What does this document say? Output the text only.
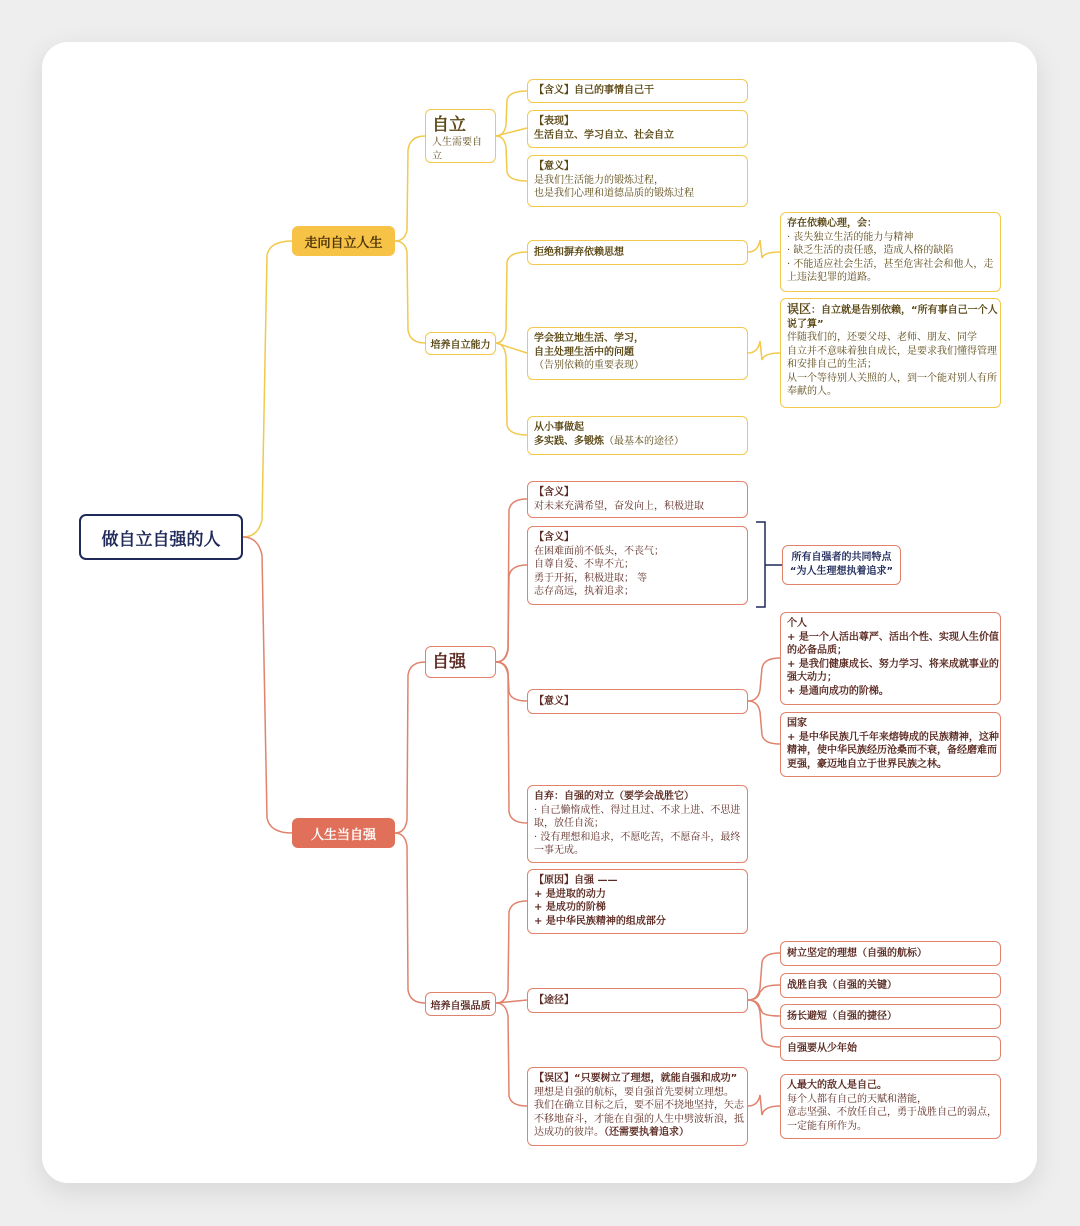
做自立自强的人
走向自立人生
自立
人生需要自立
【含义】自己的事情自己干
【表现】
生活自立、学习自立、社会自立
【意义】
是我们生活能力的锻炼过程，
也是我们心理和道德品质的锻炼过程
培养自立能力
拒绝和摒弃依赖思想
存在依赖心理，会：
· 丧失独立生活的能力与精神
· 缺乏生活的责任感，造成人格的缺陷
· 不能适应社会生活，甚至危害社会和他人，走
上违法犯罪的道路。
学会独立地生活、学习，
自主处理生活中的问题
（告别依赖的重要表现）
误区：自立就是告别依赖，“所有事自己一个人
说了算”
伴随我们的，还要父母、老师、朋友、同学
自立并不意味着独自成长，是要求我们懂得管理
和安排自己的生活；
从一个等待别人关照的人，到一个能对别人有所
奉献的人。
从小事做起
多实践、多锻炼（最基本的途径）
人生当自强
自强
【含义】
对未来充满希望，奋发向上，积极进取
【含义】
在困难面前不低头，不丧气；
自尊自爱、不卑不亢；
勇于开拓，积极进取； 等
志存高远，执着追求；
所有自强者的共同特点
“为人生理想执着追求”
【意义】
个人
+ 是一个人活出尊严、活出个性、实现人生价值
的必备品质；
+ 是我们健康成长、努力学习、将来成就事业的
强大动力；
+ 是通向成功的阶梯。
国家
+ 是中华民族几千年来熔铸成的民族精神，这种
精神，使中华民族经历沧桑而不衰，备经磨难而
更强，豪迈地自立于世界民族之林。
自弃：自强的对立（要学会战胜它）
· 自己懒惰成性、得过且过、不求上进、不思进
取，放任自流；
· 没有理想和追求，不愿吃苦，不愿奋斗，最终
一事无成。
培养自强品质
【原因】自强 ——
+ 是进取的动力
+ 是成功的阶梯
+ 是中华民族精神的组成部分
【途径】
树立坚定的理想（自强的航标）
战胜自我（自强的关键）
扬长避短（自强的捷径）
自强要从少年始
【误区】“只要树立了理想，就能自强和成功”
理想是自强的航标，要自强首先要树立理想。
我们在确立目标之后，要不屈不挠地坚持，矢志
不移地奋斗，才能在自强的人生中劈波斩浪，抵
达成功的彼岸。（还需要执着追求）
人最大的敌人是自己。
每个人都有自己的天赋和潜能，
意志坚强、不放任自己，勇于战胜自己的弱点，
一定能有所作为。
